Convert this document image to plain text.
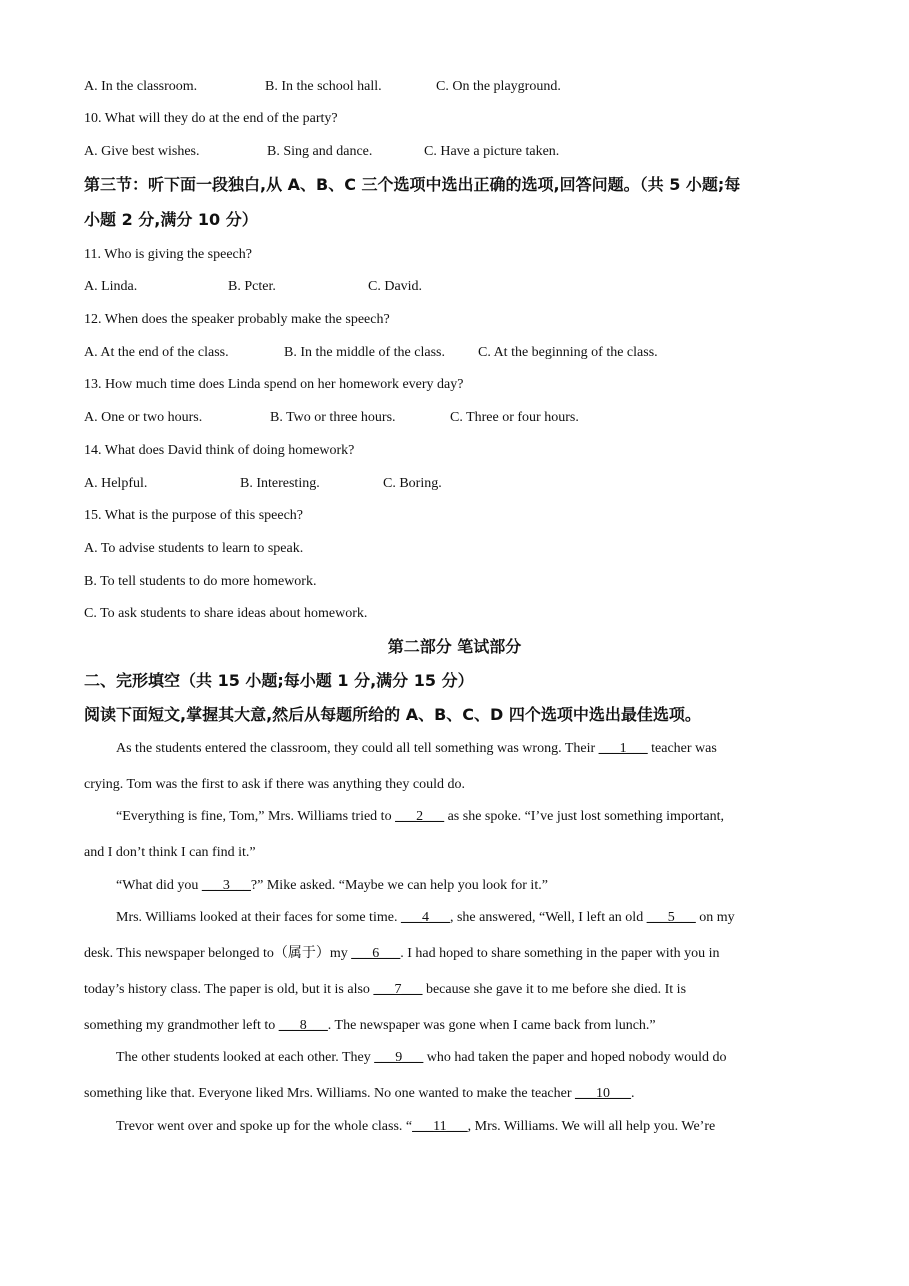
A. In the classroom.	B. In the school hall.	C. On the playground.
10. What will they do at the end of the party?
A. Give best wishes.	B. Sing and dance.	C. Have a picture taken.
第三节：听下面一段独白,从 A、B、C 三个选项中选出正确的选项,回答问题。（共 5 小题;每
小题 2 分,满分 10 分）
11. Who is giving the speech?
A. Linda.	B. Pcter.	C. David.
12. When does the speaker probably make the speech?
A. At the end of the class.	B. In the middle of the class. C. At the beginning of the class.
13. How much time does Linda spend on her homework every day?
A. One or two hours.	B. Two or three hours.	C. Three or four hours.
14. What does David think of doing homework?
A. Helpful.	B. Interesting.	C. Boring.
15. What is the purpose of this speech?
A. To advise students to learn to speak.
B. To tell students to do more homework.
C. To ask students to share ideas about homework.
第二部分 笔试部分
二、完形填空（共 15 小题;每小题 1 分,满分 15 分）
阅读下面短文,掌握其大意,然后从每题所给的 A、B、C、D 四个选项中选出最佳选项。
As the students entered the classroom, they could all tell something was wrong. Their ___1___ teacher was
crying. Tom was the first to ask if there was anything they could do.
“Everything is fine, Tom,” Mrs. Williams tried to ___2___ as she spoke. “I’ve just lost something important,
and I don’t think I can find it.”
“What did you ___3___?” Mike asked. “Maybe we can help you look for it.”
Mrs. Williams looked at their faces for some time. ___4___, she answered, “Well, I left an old ___5___ on my
desk. This newspaper belonged to（属于）my ___6___. I had hoped to share something in the paper with you in
today’s history class. The paper is old, but it is also ___7___ because she gave it to me before she died. It is
something my grandmother left to ___8___. The newspaper was gone when I came back from lunch.”
The other students looked at each other. They ___9___ who had taken the paper and hoped nobody would do
something like that. Everyone liked Mrs. Williams. No one wanted to make the teacher ___10___.
Trevor went over and spoke up for the whole class. “___11___, Mrs. Williams. We will all help you. We’re
